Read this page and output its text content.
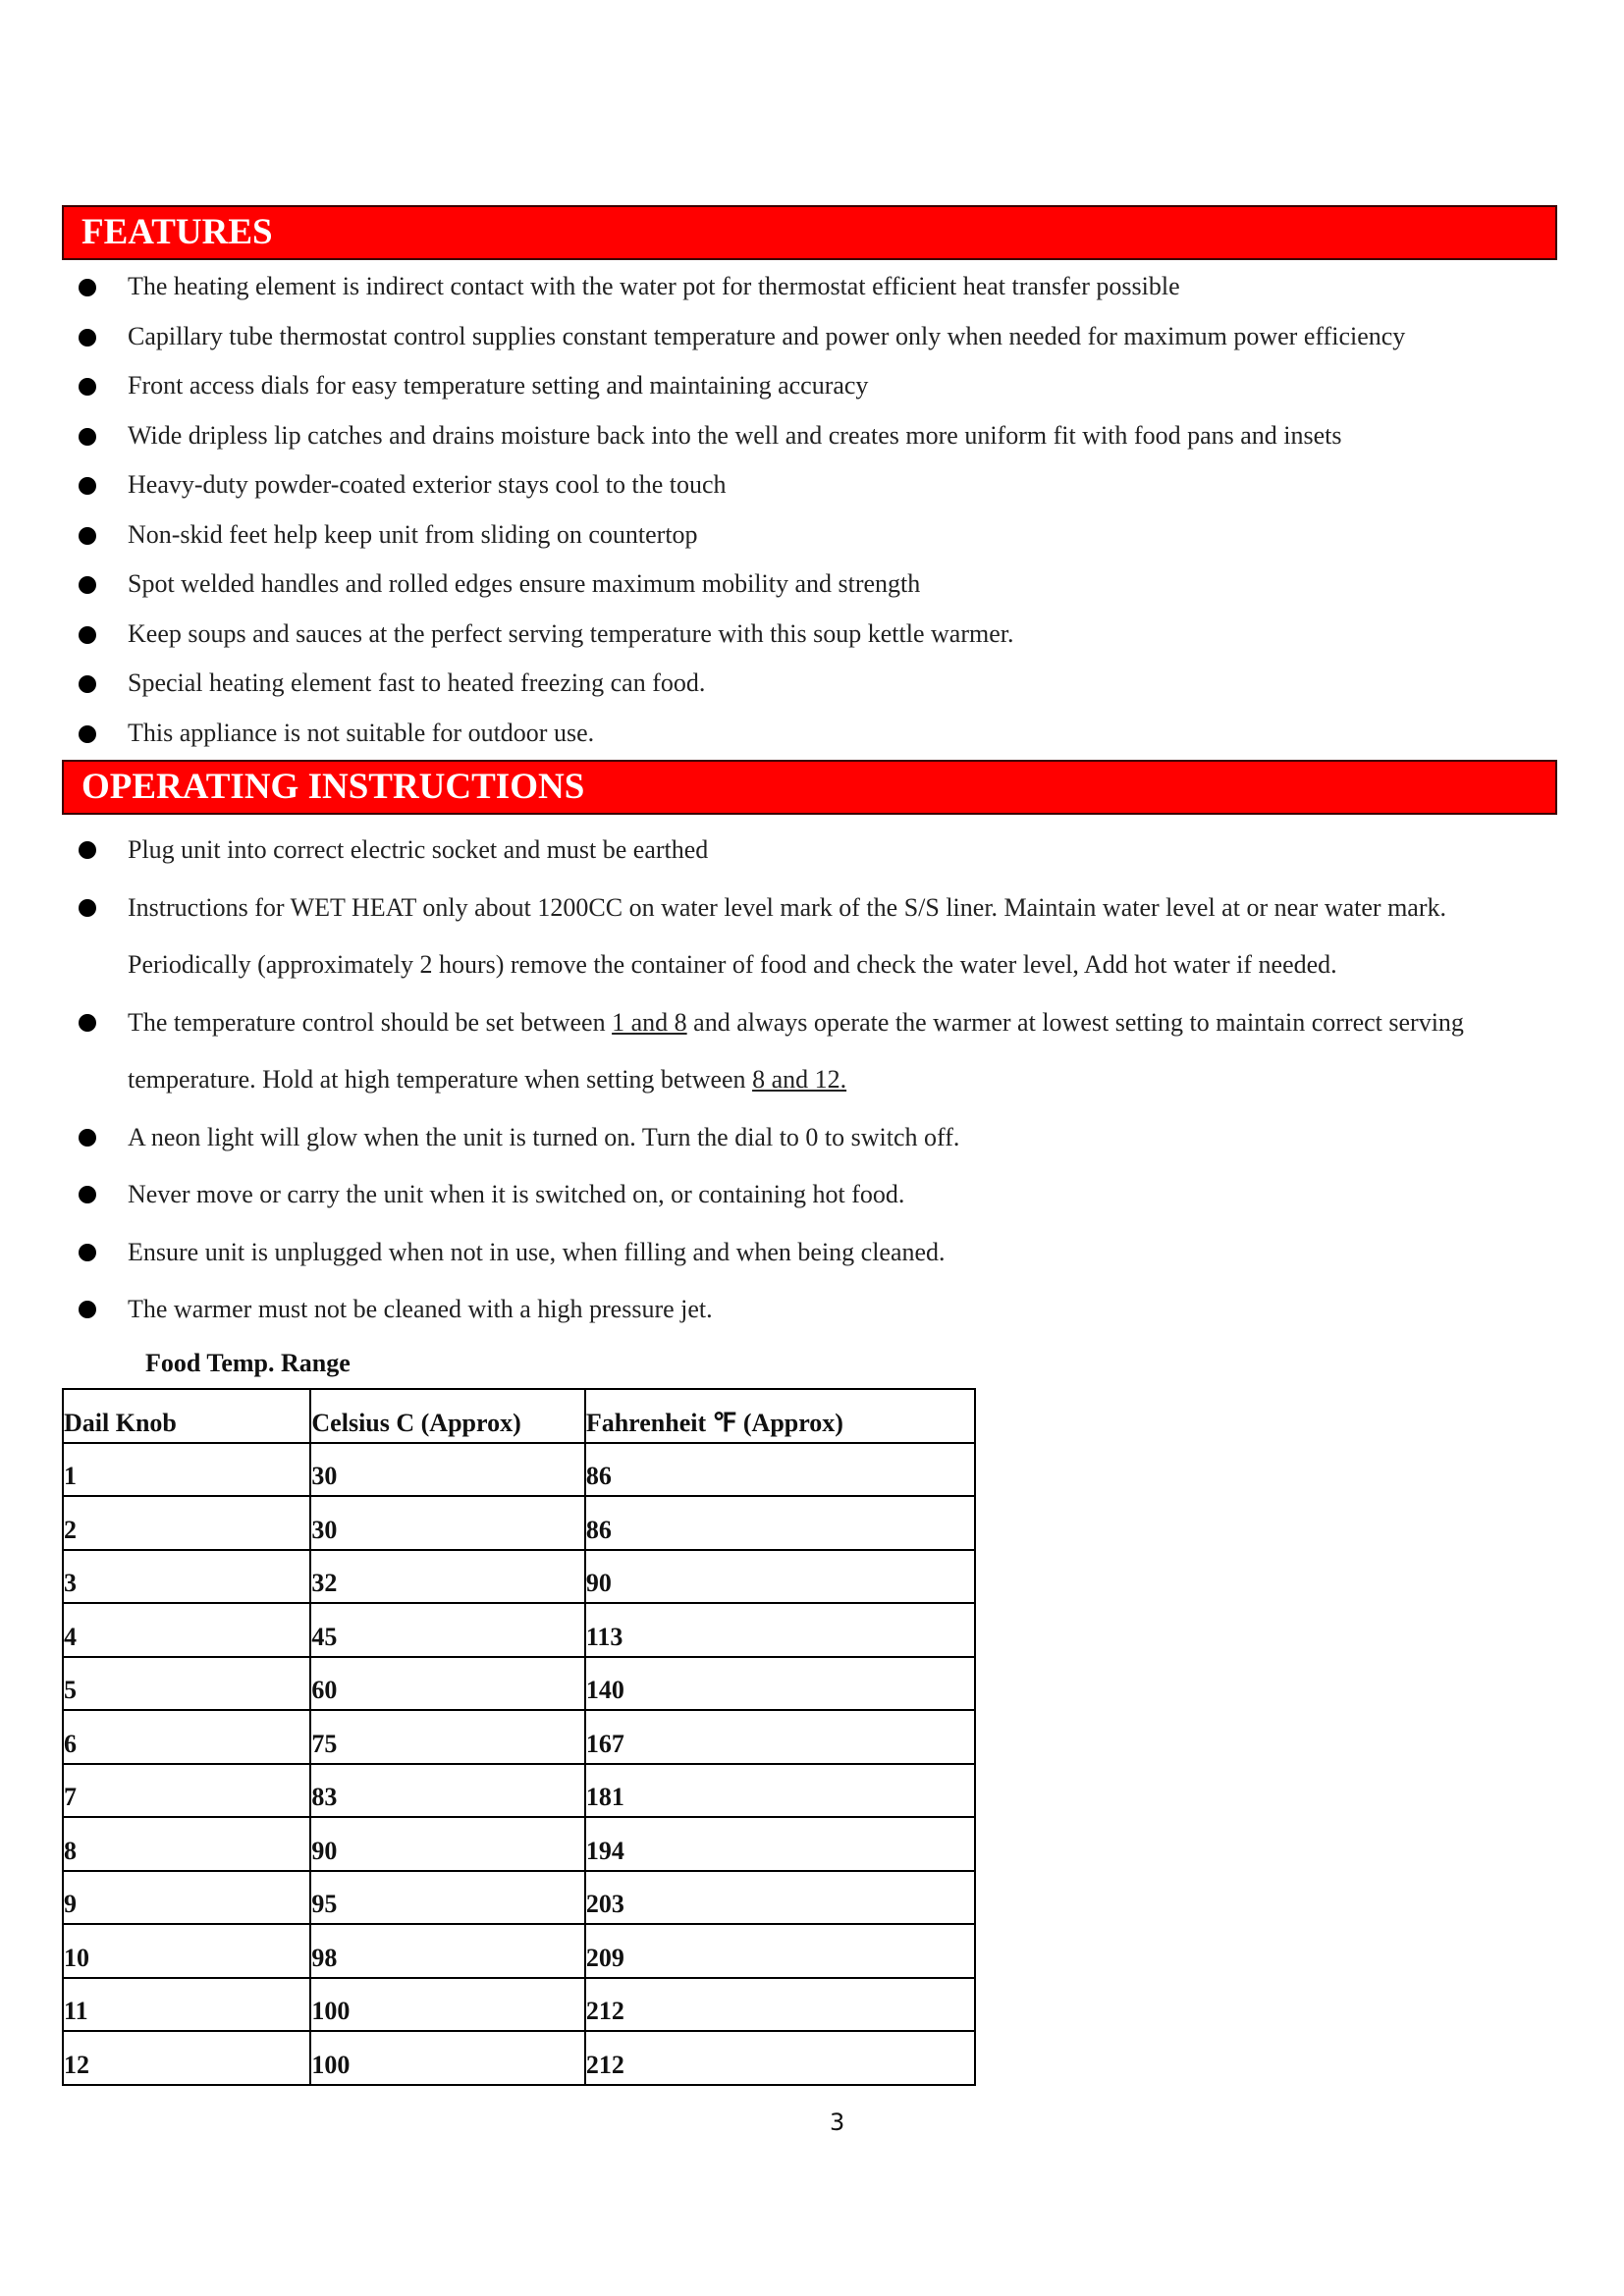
FEATURES
The heating element is indirect contact with the water pot for thermostat efficient heat transfer possible
Capillary tube thermostat control supplies constant temperature and power only when needed for maximum power efficiency
Front access dials for easy temperature setting and maintaining accuracy
Wide dripless lip catches and drains moisture back into the well and creates more uniform fit with food pans and insets
Heavy-duty powder-coated exterior stays cool to the touch
Non-skid feet help keep unit from sliding on countertop
Spot welded handles and rolled edges ensure maximum mobility and strength
Keep soups and sauces at the perfect serving temperature with this soup kettle warmer.
Special heating element fast to heated freezing can food.
This appliance is not suitable for outdoor use.
OPERATING INSTRUCTIONS
Plug unit into correct electric socket and must be earthed
Instructions for WET HEAT only about 1200CC on water level mark of the S/S liner. Maintain water level at or near water mark.
Periodically (approximately 2 hours) remove the container of food and check the water level, Add hot water if needed.
The temperature control should be set between 1 and 8 and always operate the warmer at lowest setting to maintain correct serving
temperature. Hold at high temperature when setting between 8 and 12.
A neon light will glow when the unit is turned on. Turn the dial to 0 to switch off.
Never move or carry the unit when it is switched on, or containing hot food.
Ensure unit is unplugged when not in use, when filling and when being cleaned.
The warmer must not be cleaned with a high pressure jet.
Food Temp. Range
Dail Knob	Celsius C (Approx)	Fahrenheit ℉ (Approx)
1	30	86
2	30	86
3	32	90
4	45	113
5	60	140
6	75	167
7	83	181
8	90	194
9	95	203
10	98	209
11	100	212
12	100	212
3
